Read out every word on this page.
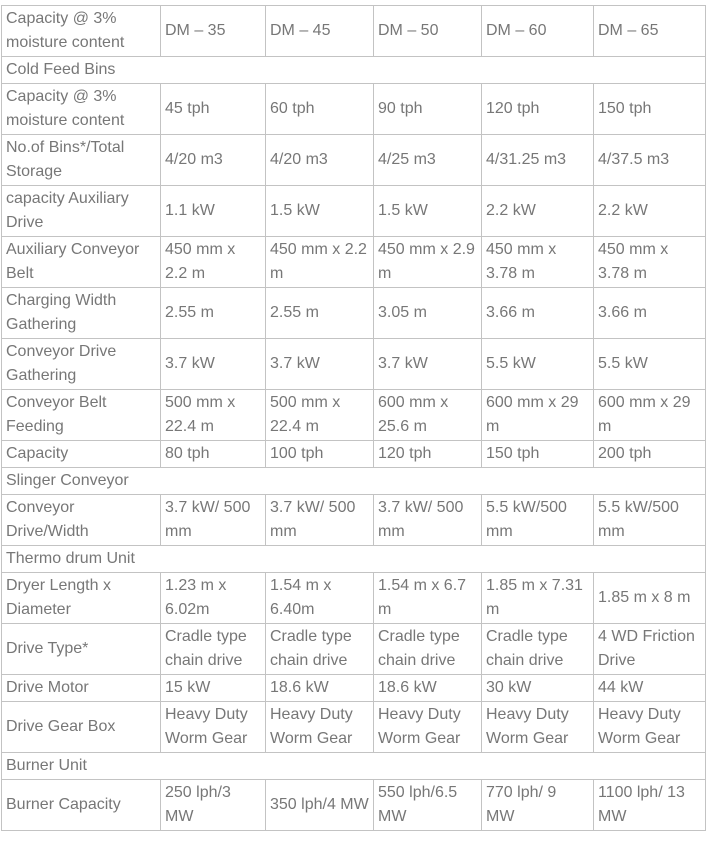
Capacity @ 3% moisture content	DM – 35	DM – 45	DM – 50	DM – 60	DM – 65
Cold Feed Bins					
Capacity @ 3% moisture content	45 tph	60 tph	90 tph	120 tph	150 tph
No.of Bins*/Total Storage	4/20 m3	4/20 m3	4/25 m3	4/31.25 m3	4/37.5 m3
capacity Auxiliary Drive	1.1 kW	1.5 kW	1.5 kW	2.2 kW	2.2 kW
Auxiliary Conveyor Belt	450 mm x 2.2 m	450 mm x 2.2 m	450 mm x 2.9 m	450 mm x 3.78 m	450 mm x 3.78 m
Charging Width Gathering	2.55 m	2.55 m	3.05 m	3.66 m	3.66 m
Conveyor Drive Gathering	3.7 kW	3.7 kW	3.7 kW	5.5 kW	5.5 kW
Conveyor Belt Feeding	500 mm x 22.4 m	500 mm x 22.4 m	600 mm x 25.6 m	600 mm x 29 m	600 mm x 29 m
Capacity	80 tph	100 tph	120 tph	150 tph	200 tph
Slinger Conveyor					
Conveyor Drive/Width	3.7 kW/ 500 mm	3.7 kW/ 500 mm	3.7 kW/ 500 mm	5.5 kW/500 mm	5.5 kW/500 mm
Thermo drum Unit					
Dryer Length x Diameter	1.23 m x 6.02m	1.54 m x 6.40m	1.54 m x 6.7 m	1.85 m x 7.31 m	1.85 m x 8 m
Drive Type*	Cradle type chain drive	Cradle type chain drive	Cradle type chain drive	Cradle type chain drive	4 WD Friction Drive
Drive Motor	15 kW	18.6 kW	18.6 kW	30 kW	44 kW
Drive Gear Box	Heavy Duty Worm Gear	Heavy Duty Worm Gear	Heavy Duty Worm Gear	Heavy Duty Worm Gear	Heavy Duty Worm Gear
Burner Unit					
Burner Capacity	250 lph/3 MW	350 lph/4 MW	550 lph/6.5 MW	770 lph/ 9 MW	1100 lph/ 13 MW
